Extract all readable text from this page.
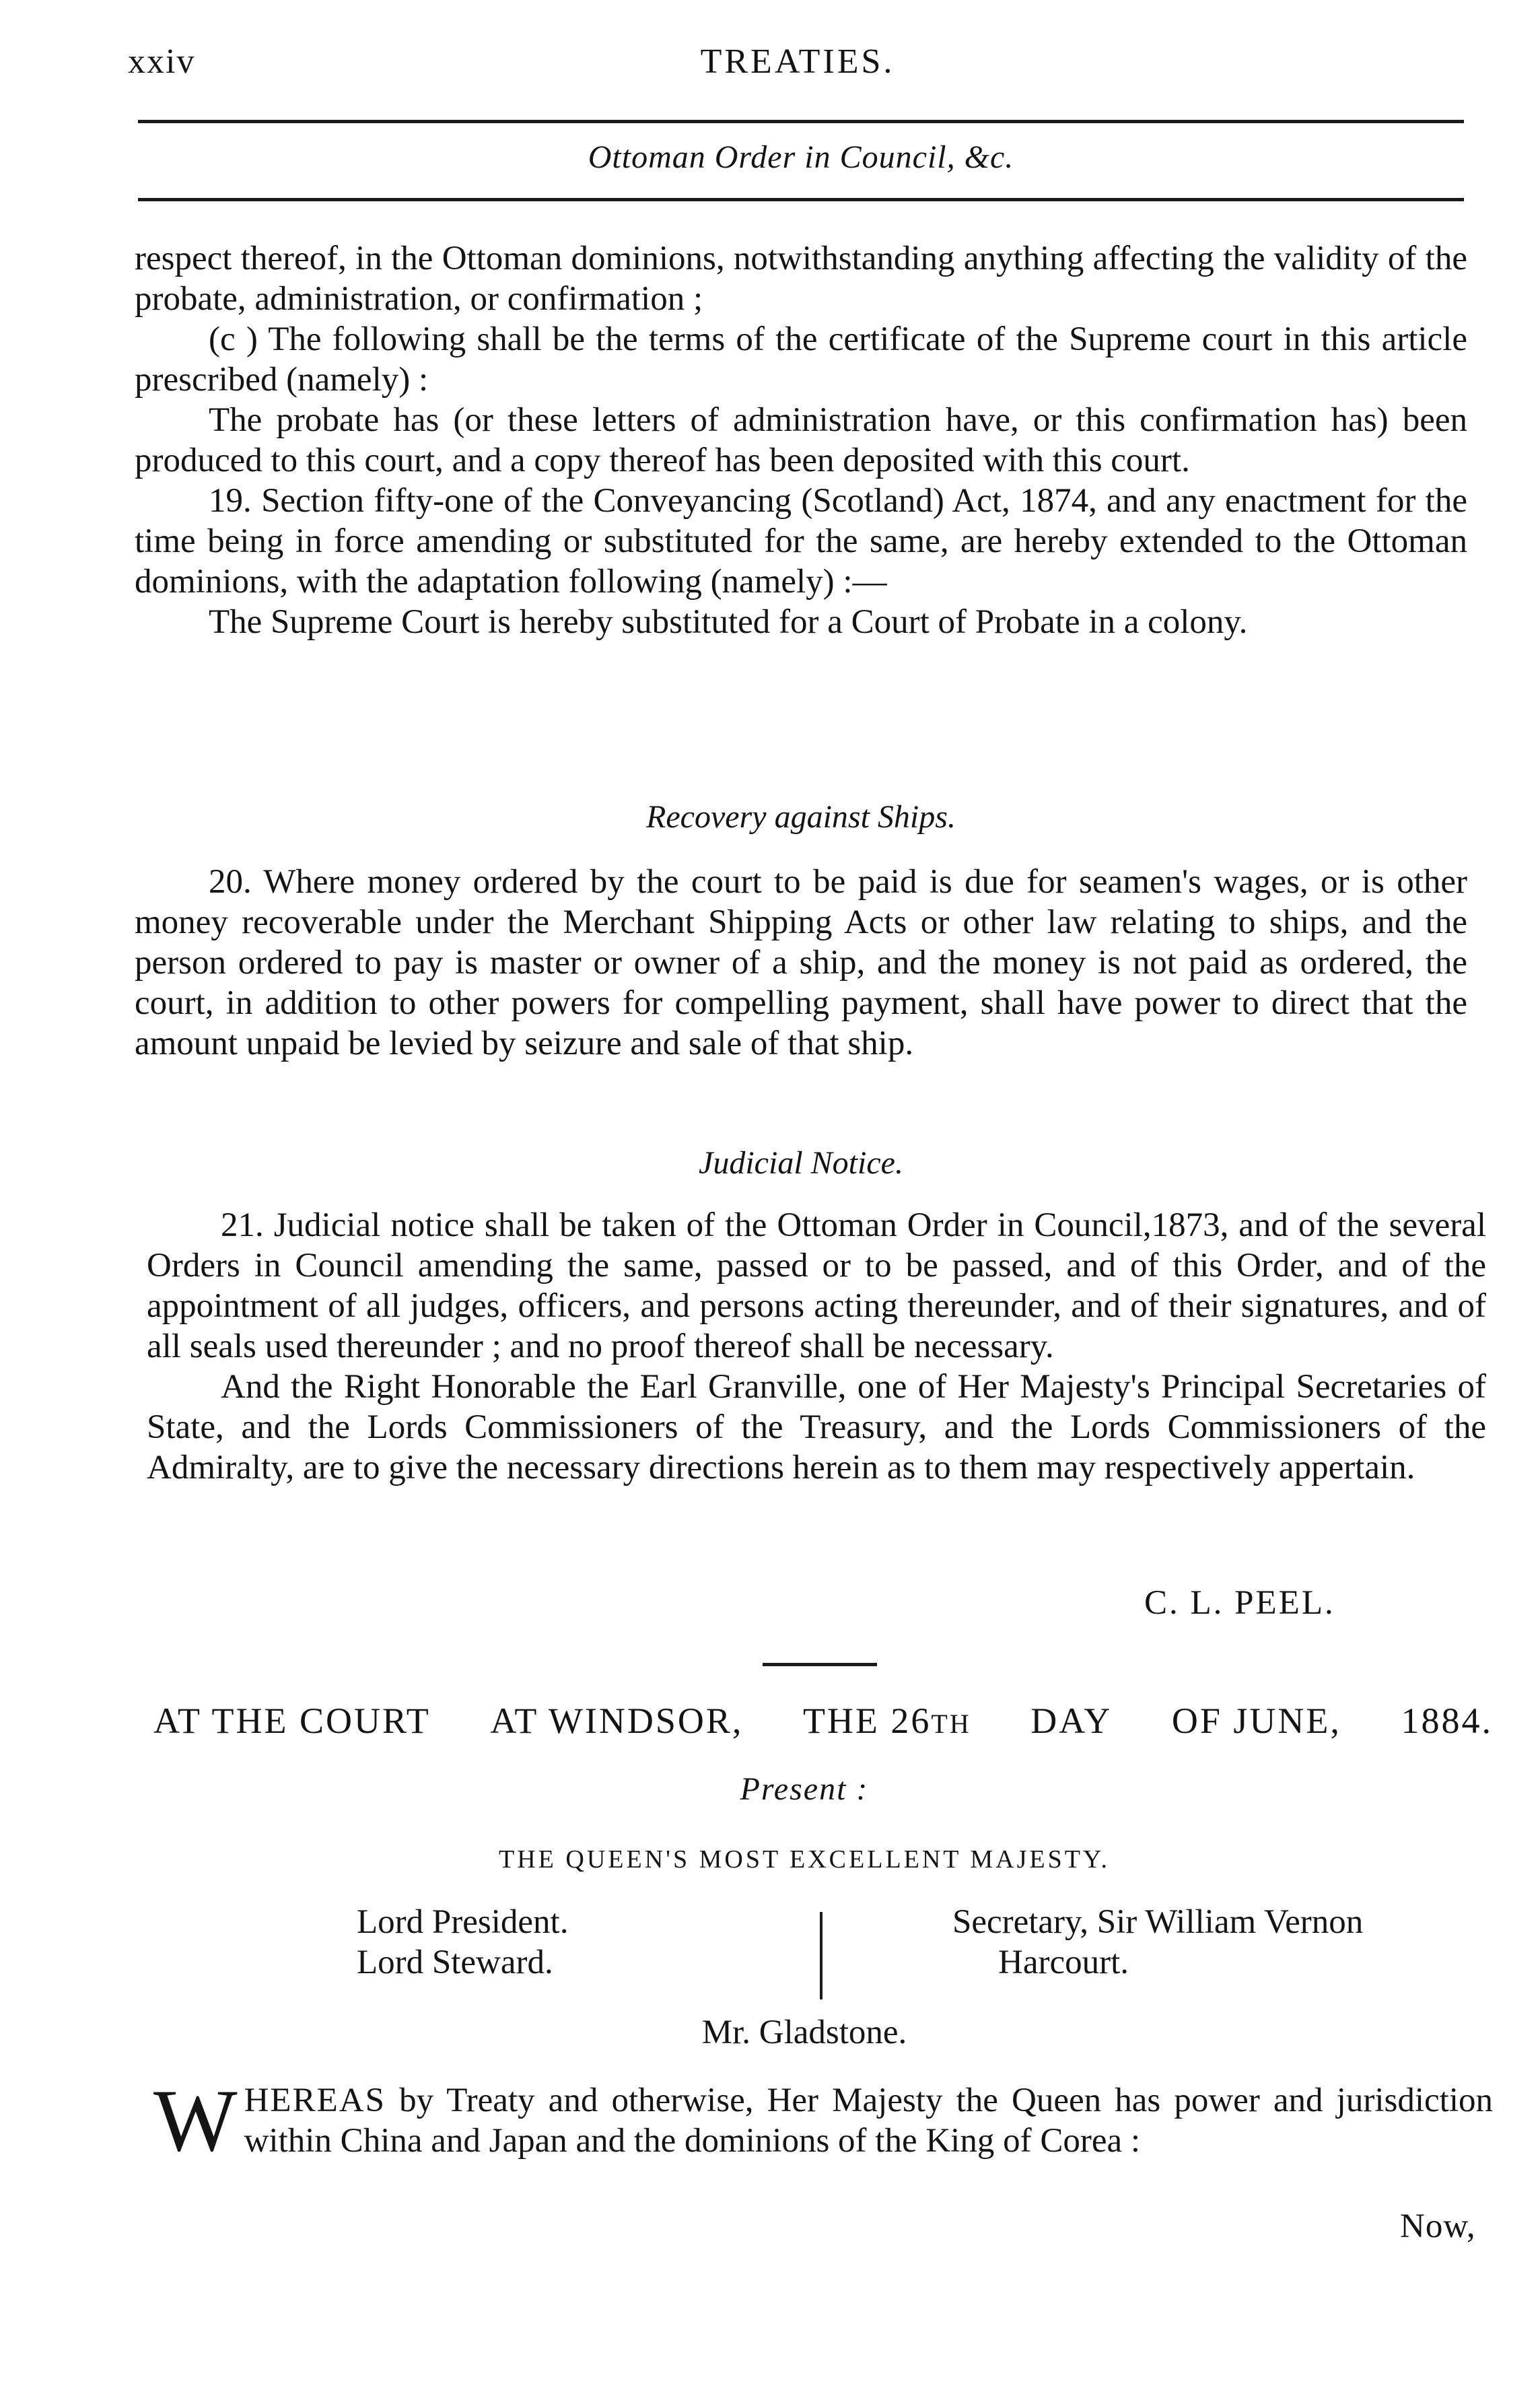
xxiv	TREATIES.
Ottoman Order in Council, &c.

respect thereof, in the Ottoman dominions, notwithstanding anything affecting the validity of the probate, administration, or confirmation ;

(c ) The following shall be the terms of the certificate of the Supreme court in this article prescribed (namely) :

The probate has (or these letters of administration have, or this confirmation has) been produced to this court, and a copy thereof has been deposited with this court.

19. Section fifty-one of the Conveyancing (Scotland) Act, 1874, and any enactment for the time being in force amending or substituted for the same, are hereby extended to the Ottoman dominions, with the adaptation following (namely) :—

The Supreme Court is hereby substituted for a Court of Probate in a colony.

Recovery against Ships.

20. Where money ordered by the court to be paid is due for seamen's wages, or is other money recoverable under the Merchant Shipping Acts or other law relating to ships, and the person ordered to pay is master or owner of a ship, and the money is not paid as ordered, the court, in addition to other powers for compelling payment, shall have power to direct that the amount unpaid be levied by seizure and sale of that ship.

Judicial Notice.

21. Judicial notice shall be taken of the Ottoman Order in Council,1873, and of the several Orders in Council amending the same, passed or to be passed, and of this Order, and of the appointment of all judges, officers, and persons acting thereunder, and of their signatures, and of all seals used thereunder ; and no proof thereof shall be necessary.

And the Right Honorable the Earl Granville, one of Her Majesty's Principal Secretaries of State, and the Lords Commissioners of the Treasury, and the Lords Commissioners of the Admiralty, are to give the necessary directions herein as to them may respectively appertain.

C. L. PEEL.
AT THE COURT AT WINDSOR, THE 26TH DAY OF JUNE, 1884.
Present :
THE QUEEN'S MOST EXCELLENT MAJESTY.
Lord President.
Lord Steward.
Secretary, Sir William Vernon
Harcourt.
Mr. Gladstone.
W HEREAS by Treaty and otherwise, Her Majesty the Queen has power and jurisdiction within China and Japan and the dominions of the King of Corea :
Now,
